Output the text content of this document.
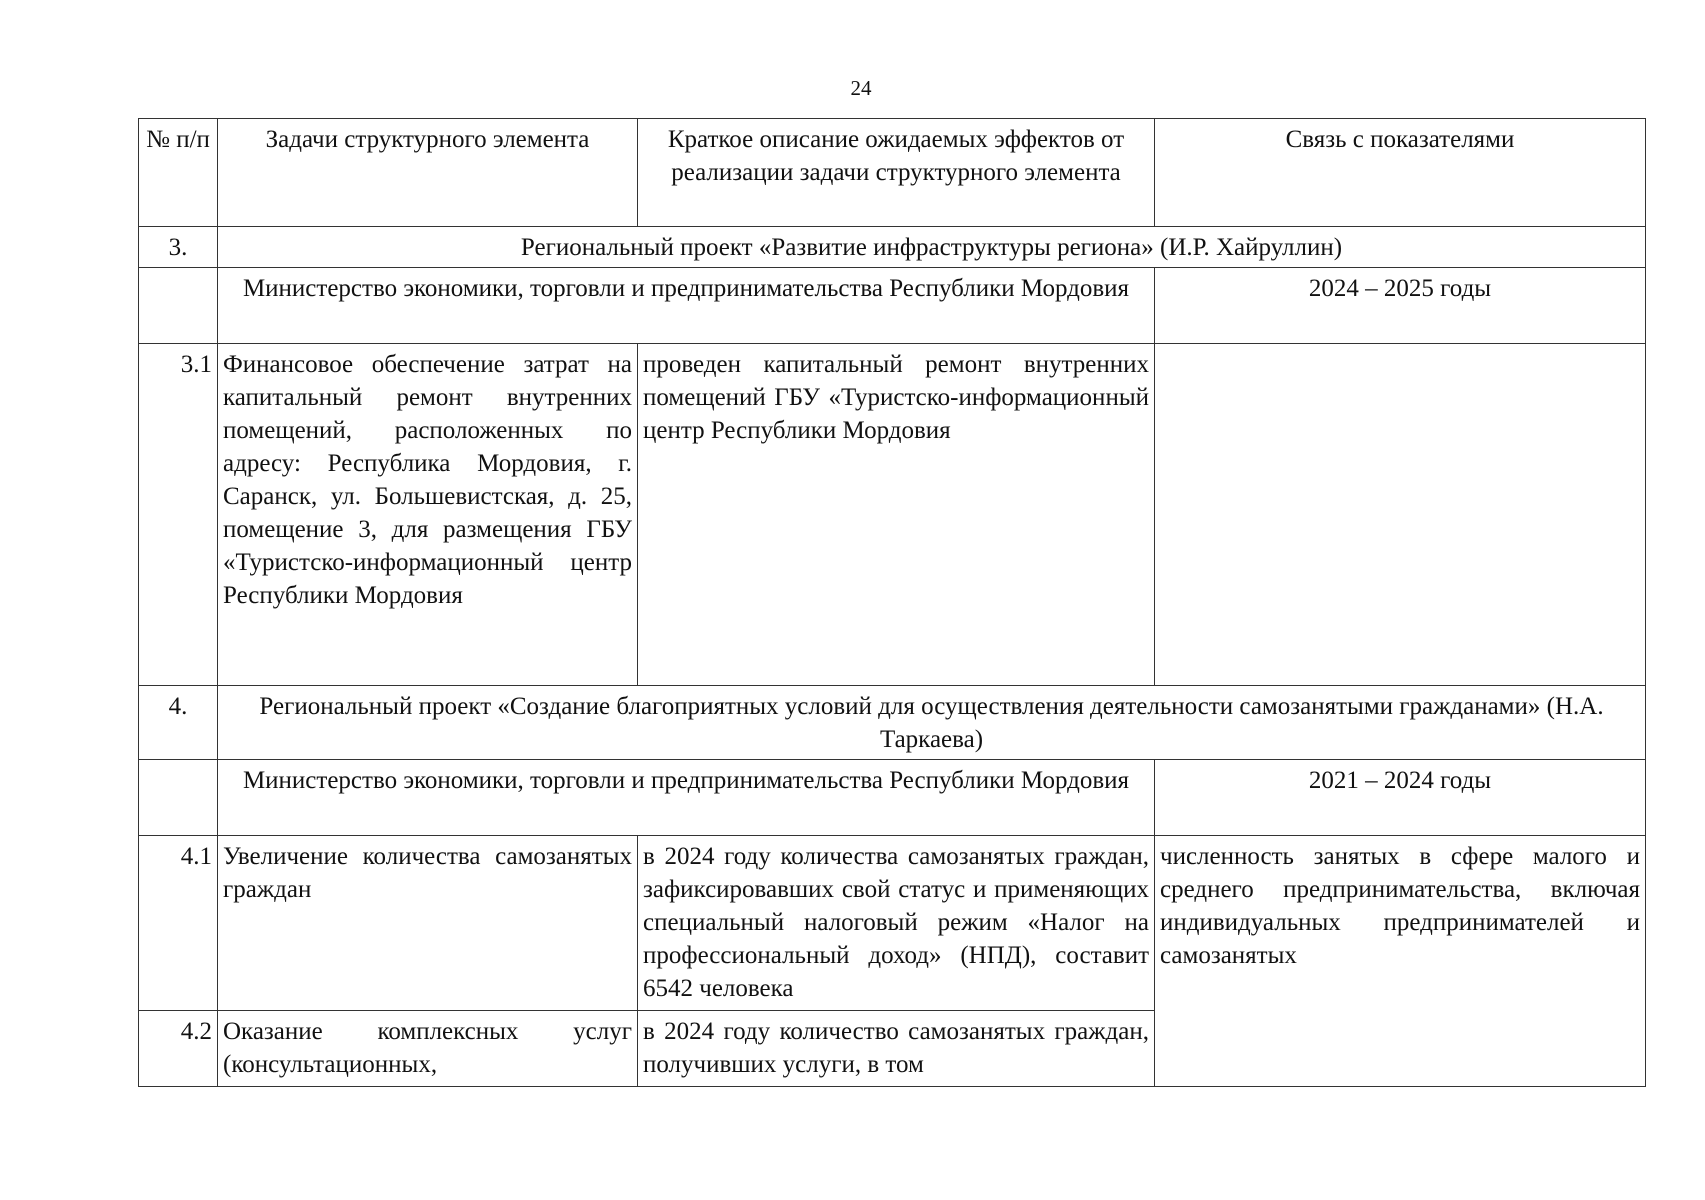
24
№ п/п	Задачи структурного элемента	Краткое описание ожидаемых эффектов от реализации задачи структурного элемента	Связь с показателями
3.	Региональный проект «Развитие инфраструктуры региона» (И.Р. Хайруллин)		
	Министерство экономики, торговли и предпринимательства Республики Мордовия		2024 – 2025 годы
3.1	Финансовое обеспечение затрат на капитальный ремонт внутренних помещений, расположенных по адресу: Республика Мордовия, г. Саранск, ул. Большевистская, д. 25, помещение 3, для размещения ГБУ «Туристско-информационный центр Республики Мордовия	проведен капитальный ремонт внутренних помещений ГБУ «Туристско-информационный центр Республики Мордовия	
4.	Региональный проект «Создание благоприятных условий для осуществления деятельности самозанятыми гражданами» (Н.А. Таркаева)		
	Министерство экономики, торговли и предпринимательства Республики Мордовия		2021 – 2024 годы
4.1	Увеличение количества самозанятых граждан	в 2024 году количества самозанятых граждан, зафиксировавших свой статус и применяющих специальный налоговый режим «Налог на профессиональный доход» (НПД), составит 6542 человека	численность занятых в сфере малого и среднего предпринимательства, включая индивидуальных предпринимателей и самозанятых
4.2	Оказание комплексных услуг (консультационных,	в 2024 году количество самозанятых граждан, получивших услуги, в том	
